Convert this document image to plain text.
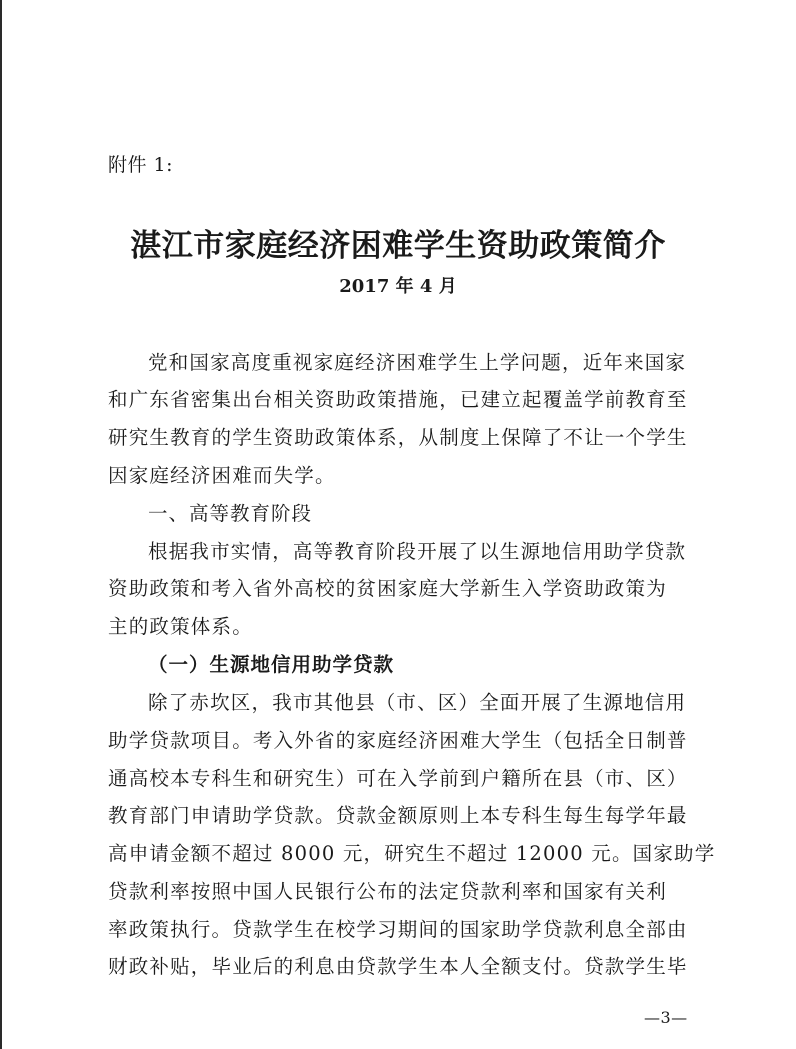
附件 1:
湛江市家庭经济困难学生资助政策简介
2017 年 4 月
党和国家高度重视家庭经济困难学生上学问题，近年来国家
和广东省密集出台相关资助政策措施，已建立起覆盖学前教育至
研究生教育的学生资助政策体系，从制度上保障了不让一个学生
因家庭经济困难而失学。
一、高等教育阶段
根据我市实情，高等教育阶段开展了以生源地信用助学贷款
资助政策和考入省外高校的贫困家庭大学新生入学资助政策为
主的政策体系。
（一）生源地信用助学贷款
除了赤坎区，我市其他县（市、区）全面开展了生源地信用
助学贷款项目。考入外省的家庭经济困难大学生（包括全日制普
通高校本专科生和研究生）可在入学前到户籍所在县（市、区）
教育部门申请助学贷款。贷款金额原则上本专科生每生每学年最
高申请金额不超过 8000 元，研究生不超过 12000 元。国家助学
贷款利率按照中国人民银行公布的法定贷款利率和国家有关利
率政策执行。贷款学生在校学习期间的国家助学贷款利息全部由
财政补贴，毕业后的利息由贷款学生本人全额支付。贷款学生毕
—3—
